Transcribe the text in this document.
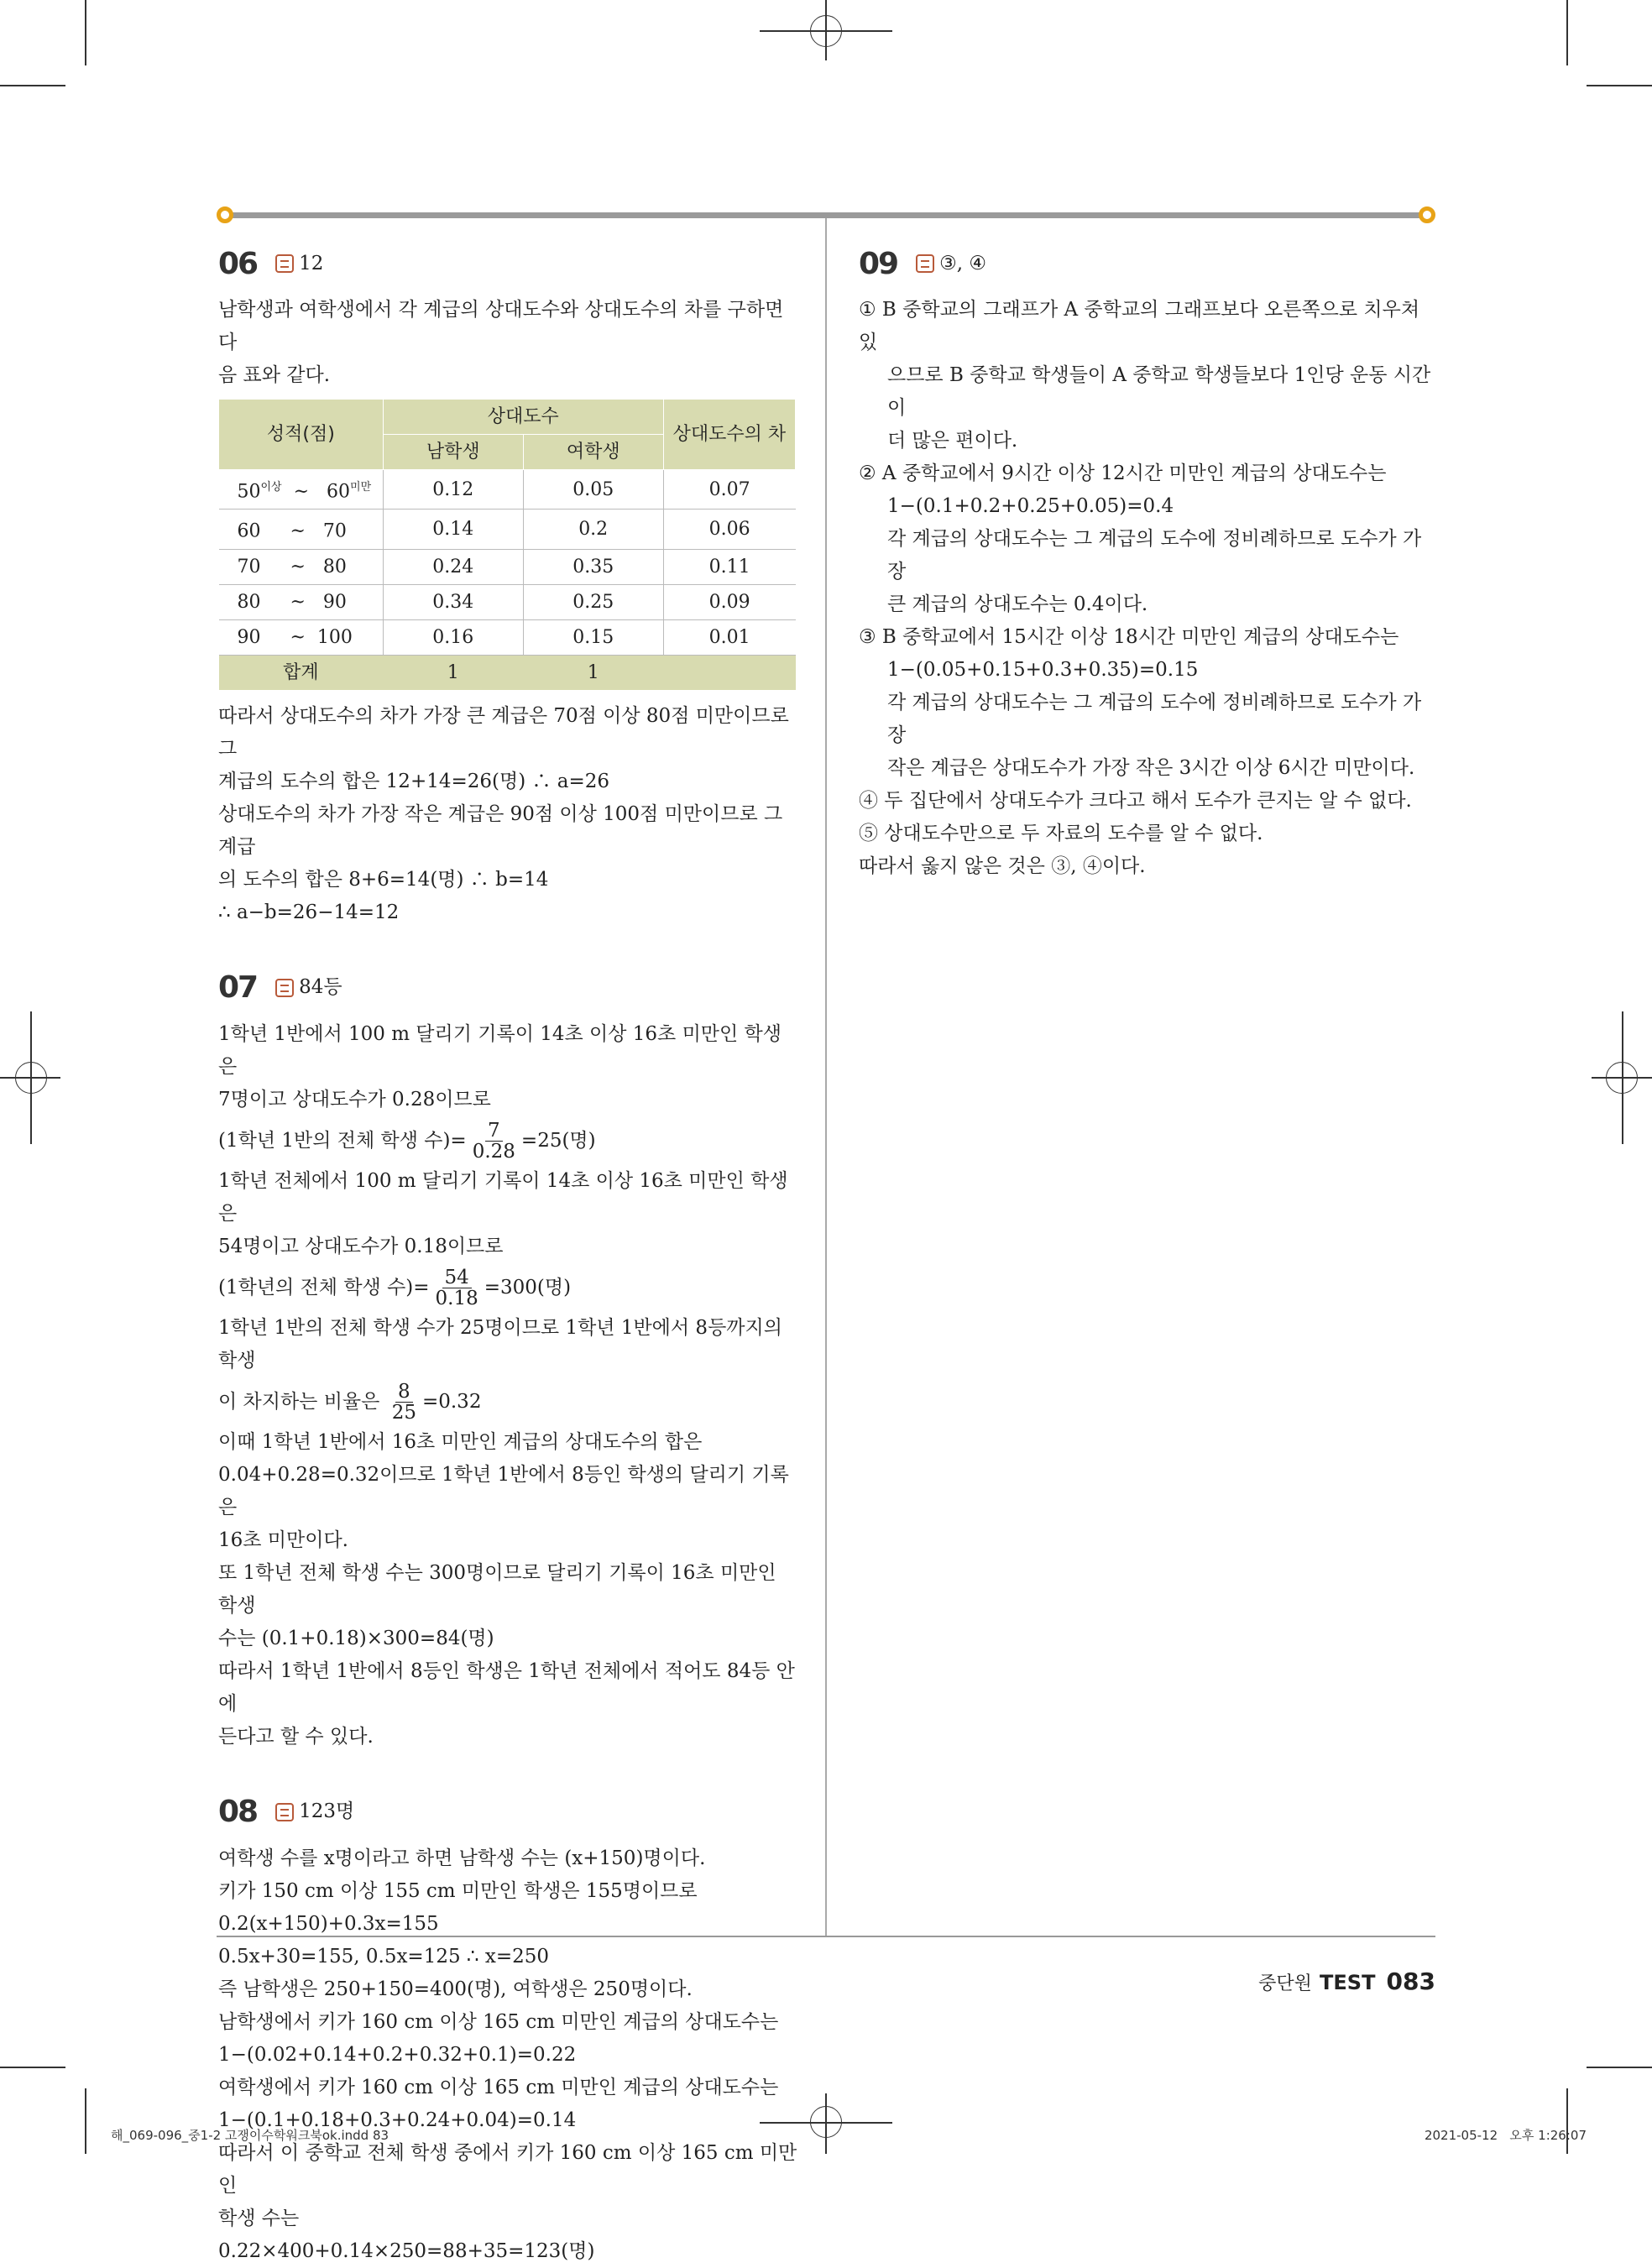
06 12

남학생과 여학생에서 각 계급의 상대도수와 상대도수의 차를 구하면 다

음 표와 같다.

성적(점)	상대도수		상대도수의 차
	남학생	여학생	
$50^{이상}$ ~ $60^{미만}$	0.12	0.05	0.07
60 ~ 70	0.14	0.2	0.06
70 ~ 80	0.24	0.35	0.11
80 ~ 90	0.34	0.25	0.09
90 ~ 100	0.16	0.15	0.01
합계	1	1	

따라서 상대도수의 차가 가장 큰 계급은 70점 이상 80점 미만이므로 그

계급의 도수의 합은 12+14=26(명) ∴ a=26

상대도수의 차가 가장 작은 계급은 90점 이상 100점 미만이므로 그 계급

의 도수의 합은 8+6=14(명) ∴ b=14

∴ a−b=26−14=12

07 84등

1학년 1반에서 100 m 달리기 기록이 14초 이상 16초 미만인 학생은

7명이고 상대도수가 0.28이므로

(1학년 1반의 전체 학생 수)= $\frac{7}{0.28} =25$(명)

1학년 전체에서 100 m 달리기 기록이 14초 이상 16초 미만인 학생은

54명이고 상대도수가 0.18이므로

(1학년의 전체 학생 수)= $\frac{54}{0.18} =300$(명)

1학년 1반의 전체 학생 수가 25명이므로 1학년 1반에서 8등까지의 학생

이 차지하는 비율은 $\frac{8}{25} =0.32$

이때 1학년 1반에서 16초 미만인 계급의 상대도수의 합은

0.04+0.28=0.32이므로 1학년 1반에서 8등인 학생의 달리기 기록은

16초 미만이다.

또 1학년 전체 학생 수는 300명이므로 달리기 기록이 16초 미만인 학생

수는 (0.1+0.18)×300=84(명)

따라서 1학년 1반에서 8등인 학생은 1학년 전체에서 적어도 84등 안에

든다고 할 수 있다.

08 123명

여학생 수를 x명이라고 하면 남학생 수는 (x+150)명이다.

키가 150 cm 이상 155 cm 미만인 학생은 155명이므로

0.2(x+150)+0.3x=155

0.5x+30=155, 0.5x=125 ∴ x=250

즉 남학생은 250+150=400(명), 여학생은 250명이다.

남학생에서 키가 160 cm 이상 165 cm 미만인 계급의 상대도수는

1−(0.02+0.14+0.2+0.32+0.1)=0.22

여학생에서 키가 160 cm 이상 165 cm 미만인 계급의 상대도수는

1−(0.1+0.18+0.3+0.24+0.04)=0.14

따라서 이 중학교 전체 학생 중에서 키가 160 cm 이상 165 cm 미만인

학생 수는

0.22×400+0.14×250=88+35=123(명)

09 ③, ④

① B 중학교의 그래프가 A 중학교의 그래프보다 오른쪽으로 치우쳐 있

으므로 B 중학교 학생들이 A 중학교 학생들보다 1인당 운동 시간이

더 많은 편이다.

② A 중학교에서 9시간 이상 12시간 미만인 계급의 상대도수는

1−(0.1+0.2+0.25+0.05)=0.4

각 계급의 상대도수는 그 계급의 도수에 정비례하므로 도수가 가장

큰 계급의 상대도수는 0.4이다.

③ B 중학교에서 15시간 이상 18시간 미만인 계급의 상대도수는

1−(0.05+0.15+0.3+0.35)=0.15

각 계급의 상대도수는 그 계급의 도수에 정비례하므로 도수가 가장

작은 계급은 상대도수가 가장 작은 3시간 이상 6시간 미만이다.

④ 두 집단에서 상대도수가 크다고 해서 도수가 큰지는 알 수 없다.

⑤ 상대도수만으로 두 자료의 도수를 알 수 없다.

따라서 옳지 않은 것은 ③, ④이다.

중단원 TEST 083
해_069-096_중1-2 고쟁이수학워크북ok.indd 83	2021-05-12   오후 1:26:07
